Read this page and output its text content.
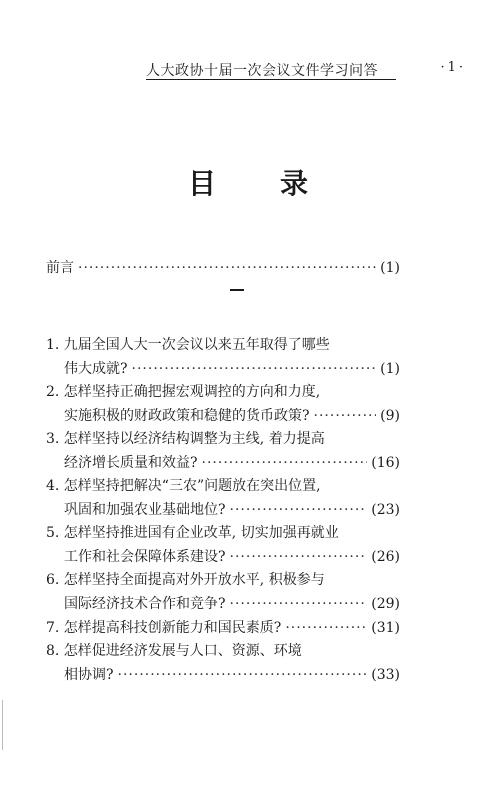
人大政协十届一次会议文件学习问答	·1·
目 录
前言 ·····	(1)
1. 九届全国人大一次会议以来五年取得了哪些
伟大成就? ·····	(1)
2. 怎样坚持正确把握宏观调控的方向和力度,
实施积极的财政政策和稳健的货币政策? ·····	(9)
3. 怎样坚持以经济结构调整为主线, 着力提高
经济增长质量和效益? ·····	(16)
4. 怎样坚持把解决“三农”问题放在突出位置,
巩固和加强农业基础地位? ·····	(23)
5. 怎样坚持推进国有企业改革, 切实加强再就业
工作和社会保障体系建设? ·····	(26)
6. 怎样坚持全面提高对外开放水平, 积极参与
国际经济技术合作和竞争? ·····	(29)
7. 怎样提高科技创新能力和国民素质? ·····	(31)
8. 怎样促进经济发展与人口、资源、环境
相协调? ·····	(33)
